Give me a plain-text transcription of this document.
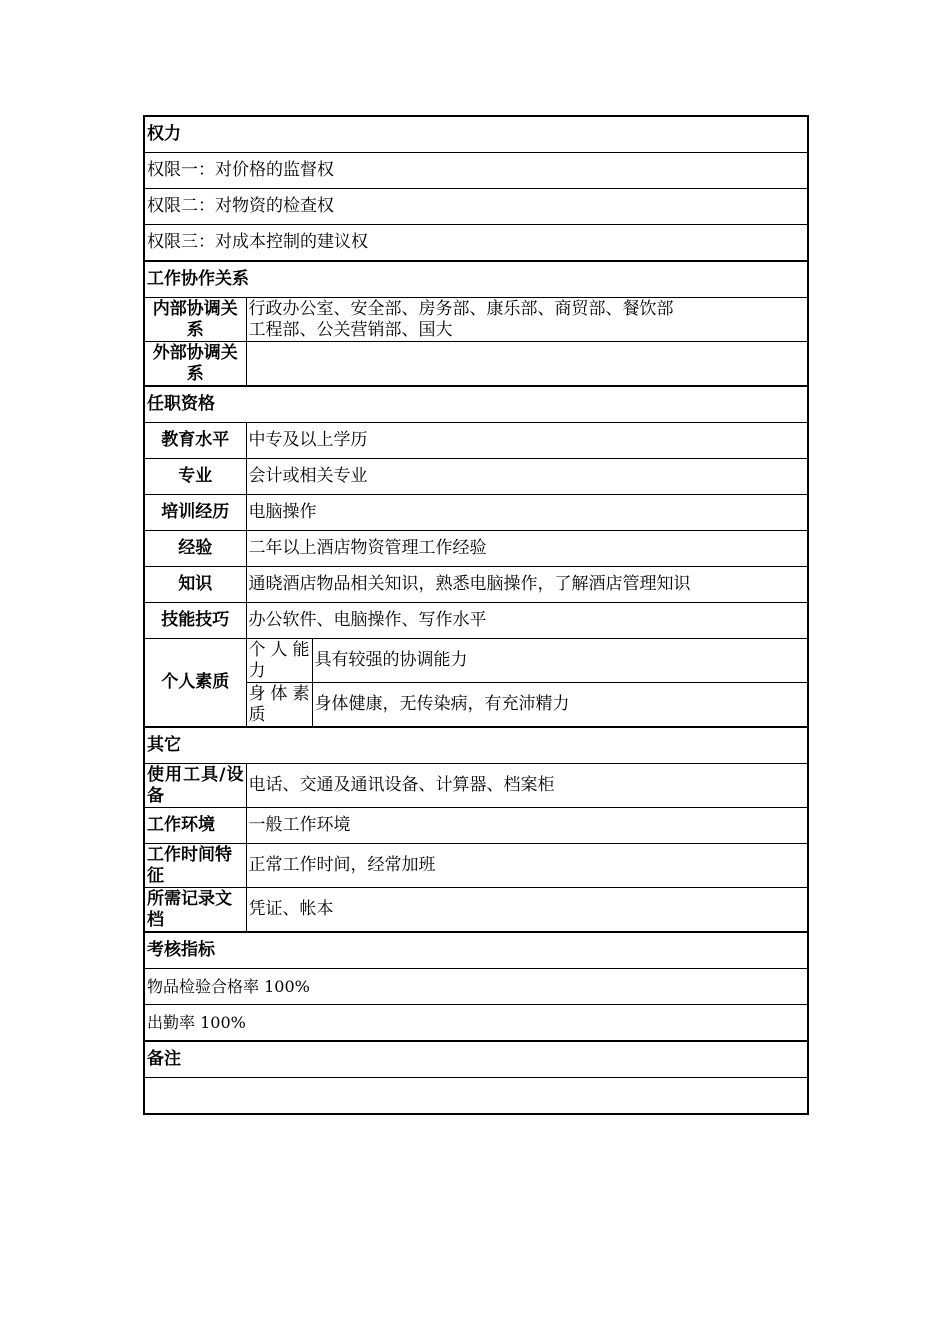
权力		
权限一：对价格的监督权		
权限二：对物资的检查权		
权限三：对成本控制的建议权		
工作协作关系		
内部协调关系	行政办公室、安全部、房务部、康乐部、商贸部、餐饮部
工程部、公关营销部、国大	

外部协调关系		
任职资格		
教育水平	中专及以上学历	
专业	会计或相关专业	
培训经历	电脑操作	
经验	二年以上酒店物资管理工作经验	
知识	通晓酒店物品相关知识，熟悉电脑操作，了解酒店管理知识	
技能技巧	办公软件、电脑操作、写作水平	
个人素质	个人能力	具有较强的协调能力
	身体素质	身体健康，无传染病，有充沛精力
其它		
使用工具/设备	电话、交通及通讯设备、计算器、档案柜	
工作环境	一般工作环境	
工作时间特征	正常工作时间，经常加班	
所需记录文档	凭证、帐本	
考核指标		
物品检验合格率 100%		
出勤率 100%		
备注		
